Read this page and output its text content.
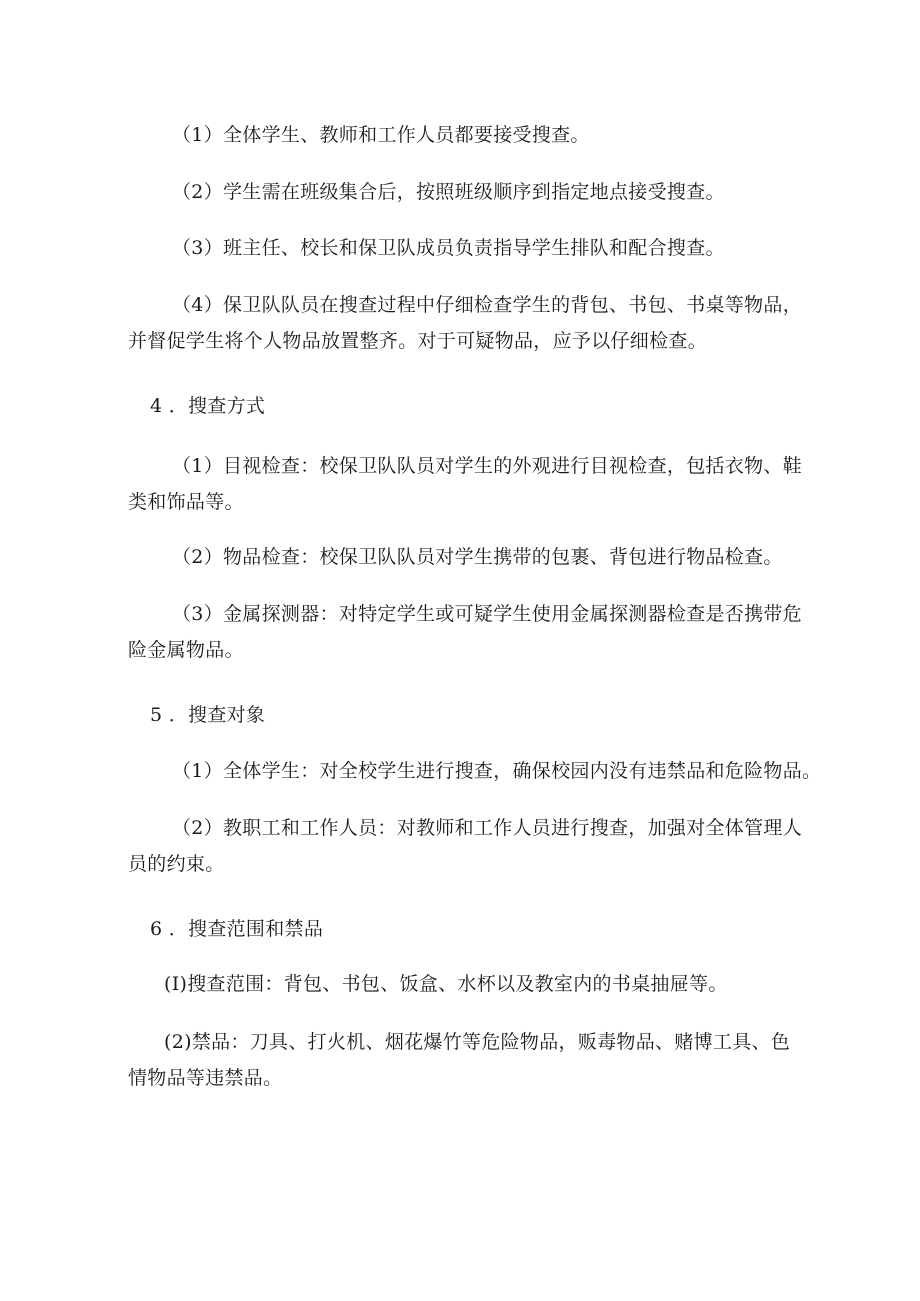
（1）全体学生、教师和工作人员都要接受搜查。
（2）学生需在班级集合后，按照班级顺序到指定地点接受搜查。
（3）班主任、校长和保卫队成员负责指导学生排队和配合搜查。
（4）保卫队队员在搜查过程中仔细检查学生的背包、书包、书桌等物品，
并督促学生将个人物品放置整齐。对于可疑物品，应予以仔细检查。
4 ．搜查方式
（1）目视检查：校保卫队队员对学生的外观进行目视检查，包括衣物、鞋
类和饰品等。
（2）物品检查：校保卫队队员对学生携带的包裹、背包进行物品检查。
（3）金属探测器：对特定学生或可疑学生使用金属探测器检查是否携带危
险金属物品。
5 ．搜查对象
（1）全体学生：对全校学生进行搜查，确保校园内没有违禁品和危险物品。
（2）教职工和工作人员：对教师和工作人员进行搜查，加强对全体管理人
员的约束。
6 ．搜查范围和禁品
(I)搜查范围：背包、书包、饭盒、水杯以及教室内的书桌抽屉等。
(2)禁品：刀具、打火机、烟花爆竹等危险物品，贩毒物品、赌博工具、色
情物品等违禁品。
